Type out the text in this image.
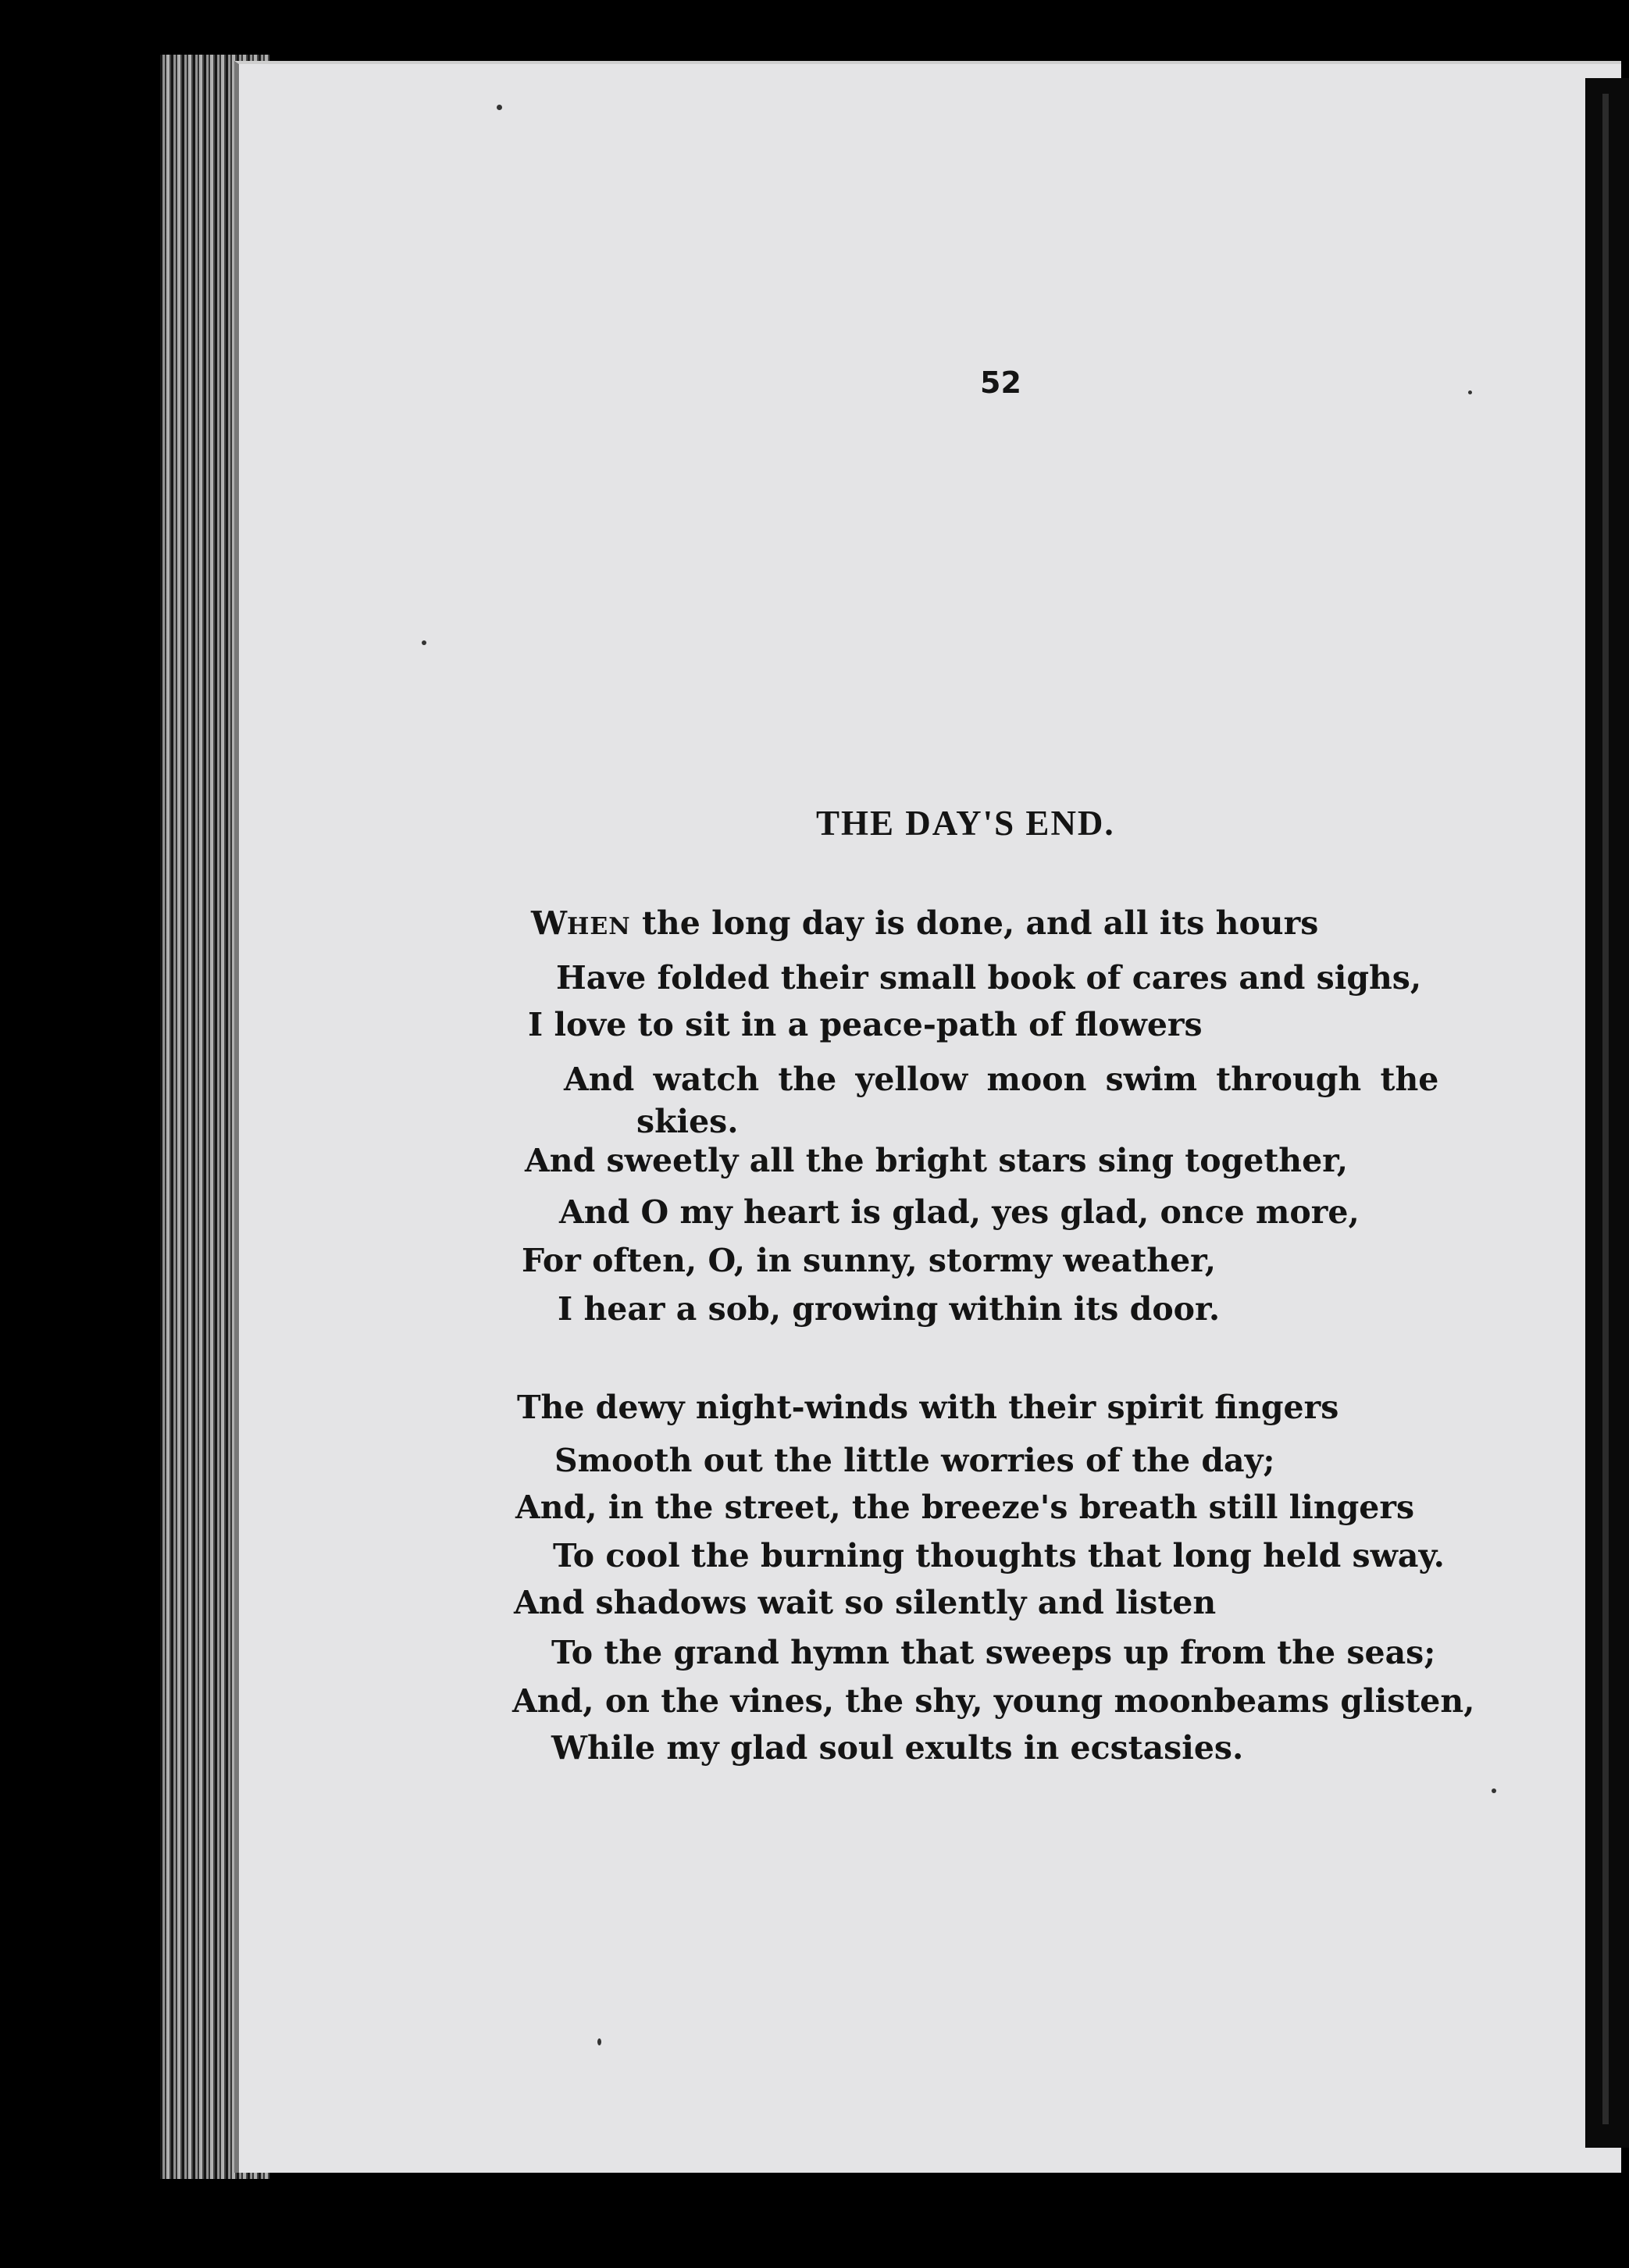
52

THE DAY'S END.

WHEN the long day is done, and all its hours

Have folded their small book of cares and sighs,

I love to sit in a peace-path of flowers

And watch the yellow moon swim through the

skies.

And sweetly all the bright stars sing together,

And O my heart is glad, yes glad, once more,

For often, O, in sunny, stormy weather,

I hear a sob, growing within its door.

The dewy night-winds with their spirit fingers

Smooth out the little worries of the day;

And, in the street, the breeze's breath still lingers

To cool the burning thoughts that long held sway.

And shadows wait so silently and listen

To the grand hymn that sweeps up from the seas;

And, on the vines, the shy, young moonbeams glisten,

While my glad soul exults in ecstasies.
